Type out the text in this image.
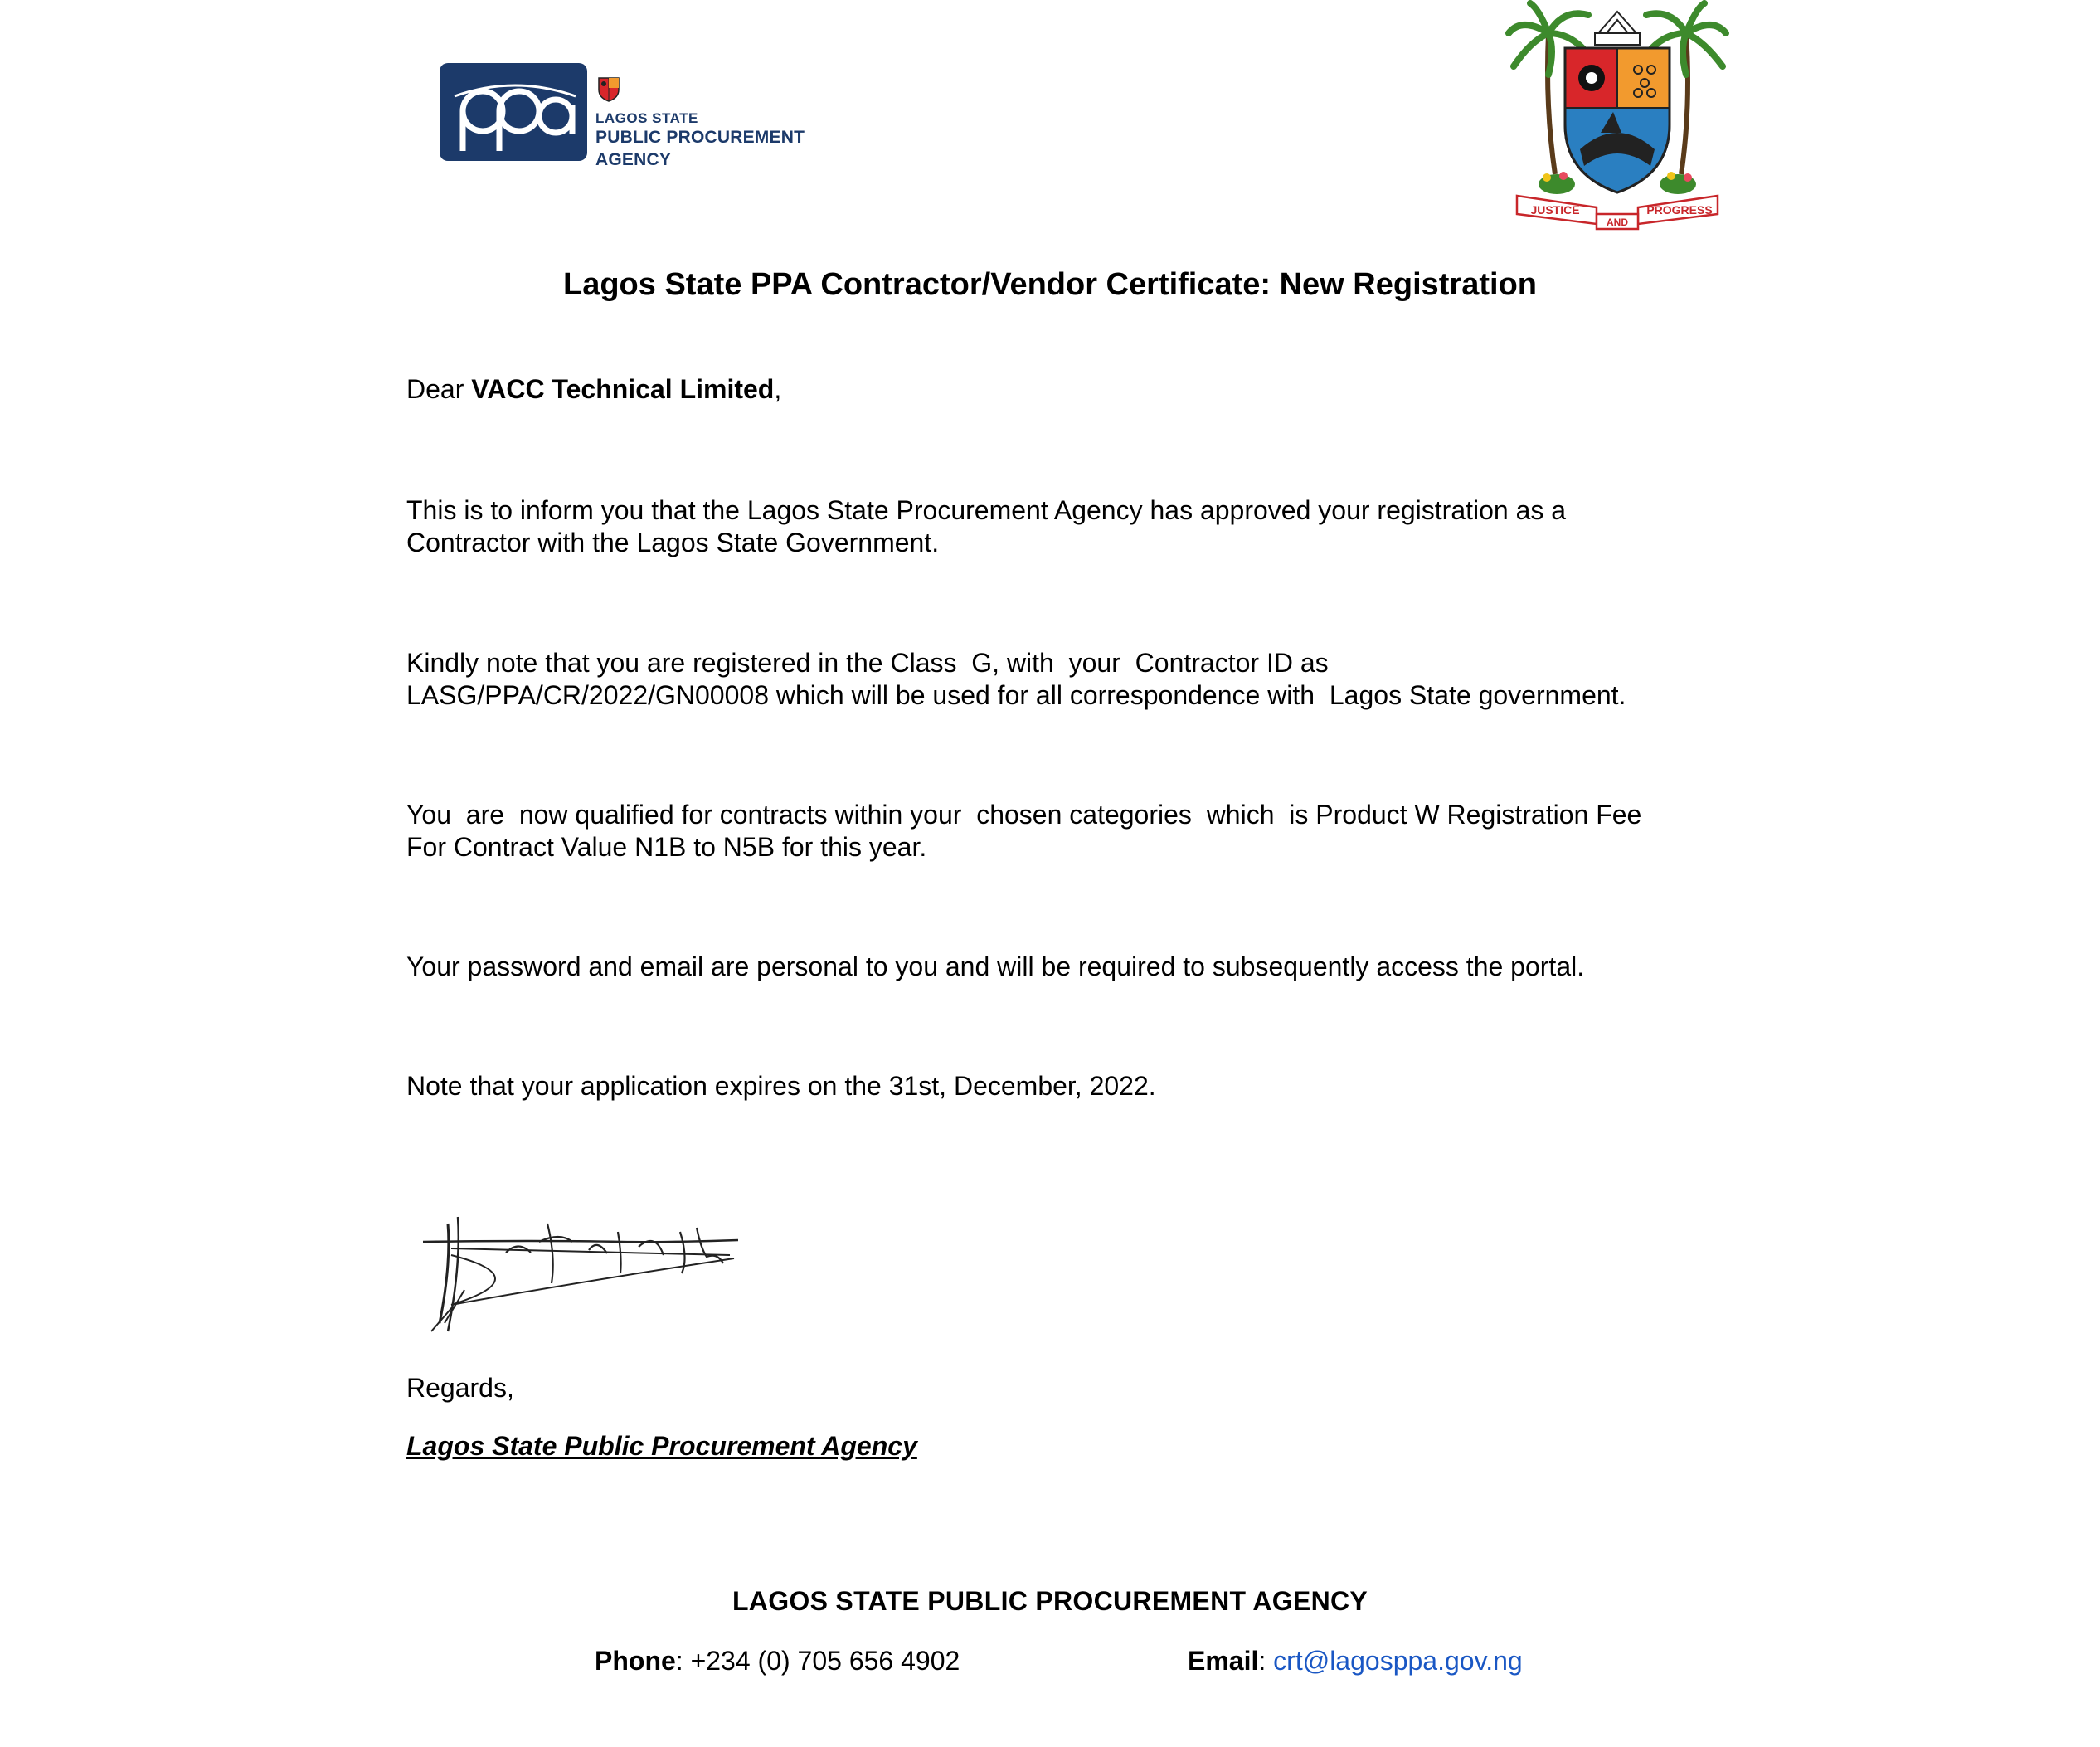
LAGOS STATE
PUBLIC PROCUREMENT AGENCY
JUSTICE
AND
PROGRESS
Lagos State PPA Contractor/Vendor Certificate: New Registration
Dear VACC Technical Limited,
This is to inform you that the Lagos State Procurement Agency has approved your registration as a
Contractor with the Lagos State Government.
Kindly note that you are registered in the Class  G, with  your  Contractor ID as
LASG/PPA/CR/2022/GN00008 which will be used for all correspondence with  Lagos State government.
You  are  now qualified for contracts within your  chosen categories  which  is Product W Registration Fee
For Contract Value N1B to N5B for this year.
Your password and email are personal to you and will be required to subsequently access the portal.
Note that your application expires on the 31st, December, 2022.
Regards,
Lagos State Public Procurement Agency
LAGOS STATE PUBLIC PROCUREMENT AGENCY
Phone: +234 (0) 705 656 4902	Email: crt@lagosppa.gov.ng
